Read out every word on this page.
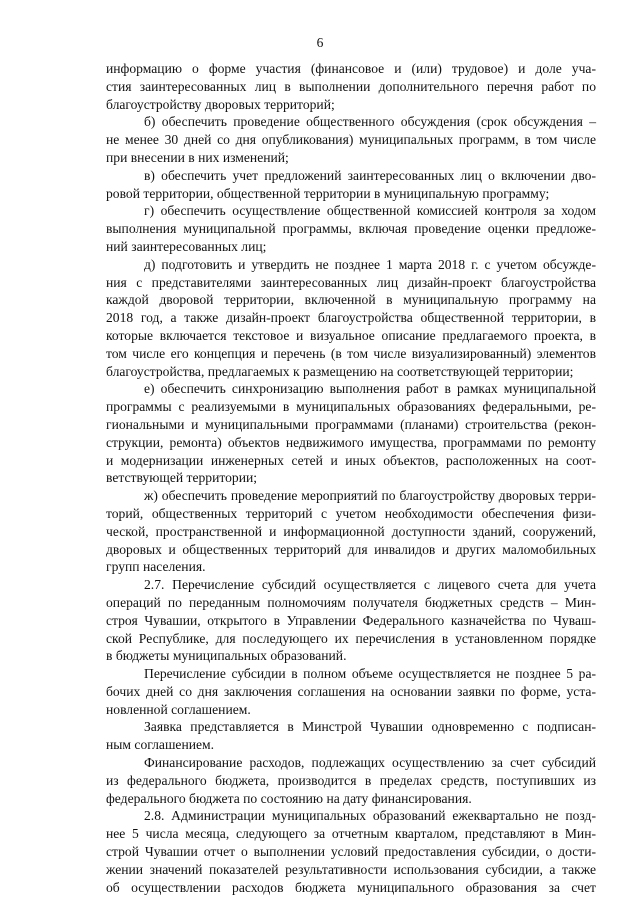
6
информацию о форме участия (финансовое и (или) трудовое) и доле уча-
стия заинтересованных лиц в выполнении дополнительного перечня работ по
благоустройству дворовых территорий;
б) обеспечить проведение общественного обсуждения (срок обсуждения –
не менее 30 дней со дня опубликования) муниципальных программ, в том числе
при внесении в них изменений;
в) обеспечить учет предложений заинтересованных лиц о включении дво-
ровой территории, общественной территории в муниципальную программу;
г) обеспечить осуществление общественной комиссией контроля за ходом
выполнения муниципальной программы, включая проведение оценки предложе-
ний заинтересованных лиц;
д) подготовить и утвердить не позднее 1 марта 2018 г. с учетом обсужде-
ния с представителями заинтересованных лиц дизайн-проект благоустройства
каждой дворовой территории, включенной в муниципальную программу на
2018 год, а также дизайн-проект благоустройства общественной территории, в
которые включается текстовое и визуальное описание предлагаемого проекта, в
том числе его концепция и перечень (в том числе визуализированный) элементов
благоустройства, предлагаемых к размещению на соответствующей территории;
е) обеспечить синхронизацию выполнения работ в рамках муниципальной
программы с реализуемыми в муниципальных образованиях федеральными, ре-
гиональными и муниципальными программами (планами) строительства (рекон-
струкции, ремонта) объектов недвижимого имущества, программами по ремонту
и модернизации инженерных сетей и иных объектов, расположенных на соот-
ветствующей территории;
ж) обеспечить проведение мероприятий по благоустройству дворовых терри-
торий, общественных территорий с учетом необходимости обеспечения физи-
ческой, пространственной и информационной доступности зданий, сооружений,
дворовых и общественных территорий для инвалидов и других маломобильных
групп населения.
2.7. Перечисление субсидий осуществляется с лицевого счета для учета
операций по переданным полномочиям получателя бюджетных средств – Мин-
строя Чувашии, открытого в Управлении Федерального казначейства по Чуваш-
ской Республике, для последующего их перечисления в установленном порядке
в бюджеты муниципальных образований.
Перечисление субсидии в полном объеме осуществляется не позднее 5 ра-
бочих дней со дня заключения соглашения на основании заявки по форме, уста-
новленной соглашением.
Заявка представляется в Минстрой Чувашии одновременно с подписан-
ным соглашением.
Финансирование расходов, подлежащих осуществлению за счет субсидий
из федерального бюджета, производится в пределах средств, поступивших из
федерального бюджета по состоянию на дату финансирования.
2.8. Администрации муниципальных образований ежеквартально не позд-
нее 5 числа месяца, следующего за отчетным кварталом, представляют в Мин-
строй Чувашии отчет о выполнении условий предоставления субсидии, о дости-
жении значений показателей результативности использования субсидии, а также
об осуществлении расходов бюджета муниципального образования за счет
